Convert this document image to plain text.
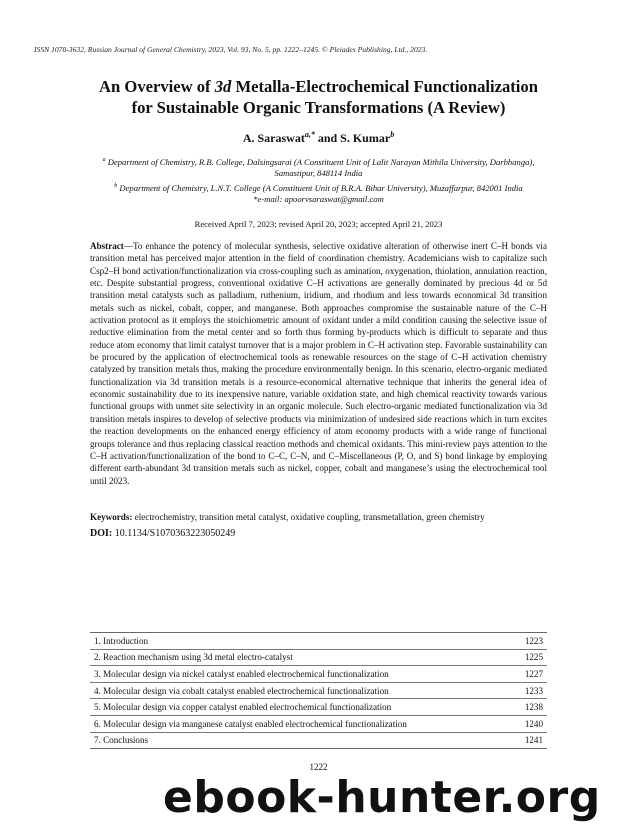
ISSN 1070-3632, Russian Journal of General Chemistry, 2023, Vol. 93, No. 5, pp. 1222–1245. © Pleiades Publishing, Ltd., 2023.
An Overview of 3d Metalla-Electrochemical Functionalization
for Sustainable Organic Transformations (A Review)
A. Saraswat$^{a,*}$ and S. Kumar$^b$
$^a$ Department of Chemistry, R.B. College, Dalsingsarai (A Constituent Unit of Lalit Narayan Mithila University, Darbhanga),
Samastipur, 848114 India
$^b$ Department of Chemistry, L.N.T. College (A Constituent Unit of B.R.A. Bihar University), Muzaffarpur, 842001 India
*e-mail: apoorvsaraswat@gmail.com
Received April 7, 2023; revised April 20, 2023; accepted April 21, 2023
Abstract—To enhance the potency of molecular synthesis, selective oxidative alteration of otherwise inert C–H bonds via transition metal has perceived major attention in the field of coordination chemistry. Academicians wish to capitalize such Csp2–H bond activation/functionalization via cross-coupling such as amination, oxygenation, thiolation, annulation reaction, etc. Despite substantial progress, conventional oxidative C–H activations are generally dominated by precious 4d or 5d transition metal catalysts such as palladium, ruthenium, iridium, and rhodium and less towards economical 3d transition metals such as nickel, cobalt, copper, and manganese. Both approaches compromise the sustainable nature of the C–H activation protocol as it employs the stoichiometric amount of oxidant under a mild condition causing the selective issue of reductive elimination from the metal center and so forth thus forming by-products which is difficult to separate and thus reduce atom economy that limit catalyst turnover that is a major problem in C–H activation step. Favorable sustainability can be procured by the application of electrochemical tools as renewable resources on the stage of C–H activation chemistry catalyzed by transition metals thus, making the procedure environmentally benign. In this scenario, electro-organic mediated functionalization via 3d transition metals is a resource-economical alternative technique that inherits the general idea of economic sustainability due to its inexpensive nature, variable oxidation state, and high chemical reactivity towards various functional groups with unmet site selectivity in an organic molecule. Such electro-organic mediated functionalization via 3d transition metals inspires to develop of selective products via minimization of undesired side reactions which in turn excites the reaction developments on the enhanced energy efficiency of atom economy products with a wide range of functional groups tolerance and thus replacing classical reaction methods and chemical oxidants. This mini-review pays attention to the C–H activation/functionalization of the bond to C–C, C–N, and C–Miscellaneous (P, O, and S) bond linkage by employing different earth-abundant 3d transition metals such as nickel, copper, cobalt and manganese’s using the electrochemical tool until 2023.
Keywords: electrochemistry, transition metal catalyst, oxidative coupling, transmetallation, green chemistry
DOI: 10.1134/S1070363223050249
1. Introduction	1223
2. Reaction mechanism using 3d metal electro-catalyst	1225
3. Molecular design via nickel catalyst enabled electrochemical functionalization	1227
4. Molecular design via cobalt catalyst enabled electrochemical functionalization	1233
5. Molecular design via copper catalyst enabled electrochemical functionalization	1238
6. Molecular design via manganese catalyst enabled electrochemical functionalization	1240
7. Conclusions	1241
1222
ebook-hunter.org
